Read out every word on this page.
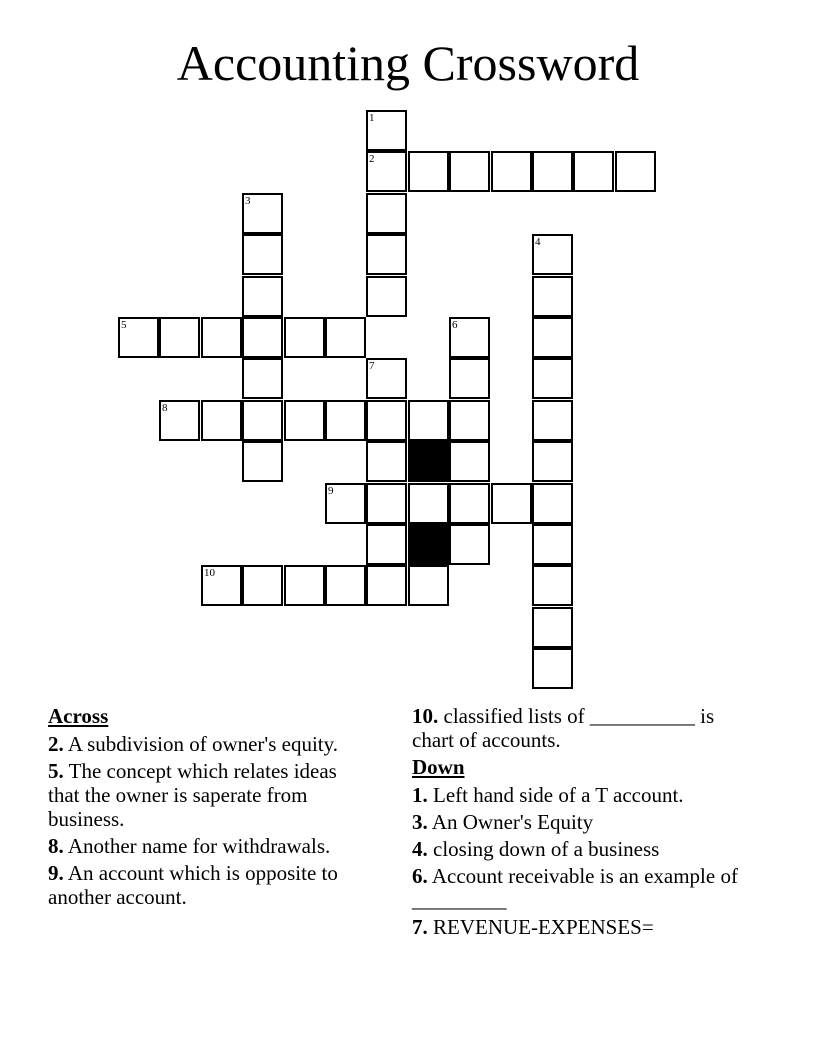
Accounting Crossword
1
2
3
4
5	6
7
8
9
10
Across
2. A subdivision of owner's equity.
5. The concept which relates ideas that the owner is saperate from business.
8. Another name for withdrawals.
9. An account which is opposite to another account.
10. classified lists of __________ is chart of accounts.
Down
1. Left hand side of a T account.
3. An Owner's Equity
4. closing down of a business
6. Account receivable is an example of _________
7. REVENUE-EXPENSES=
